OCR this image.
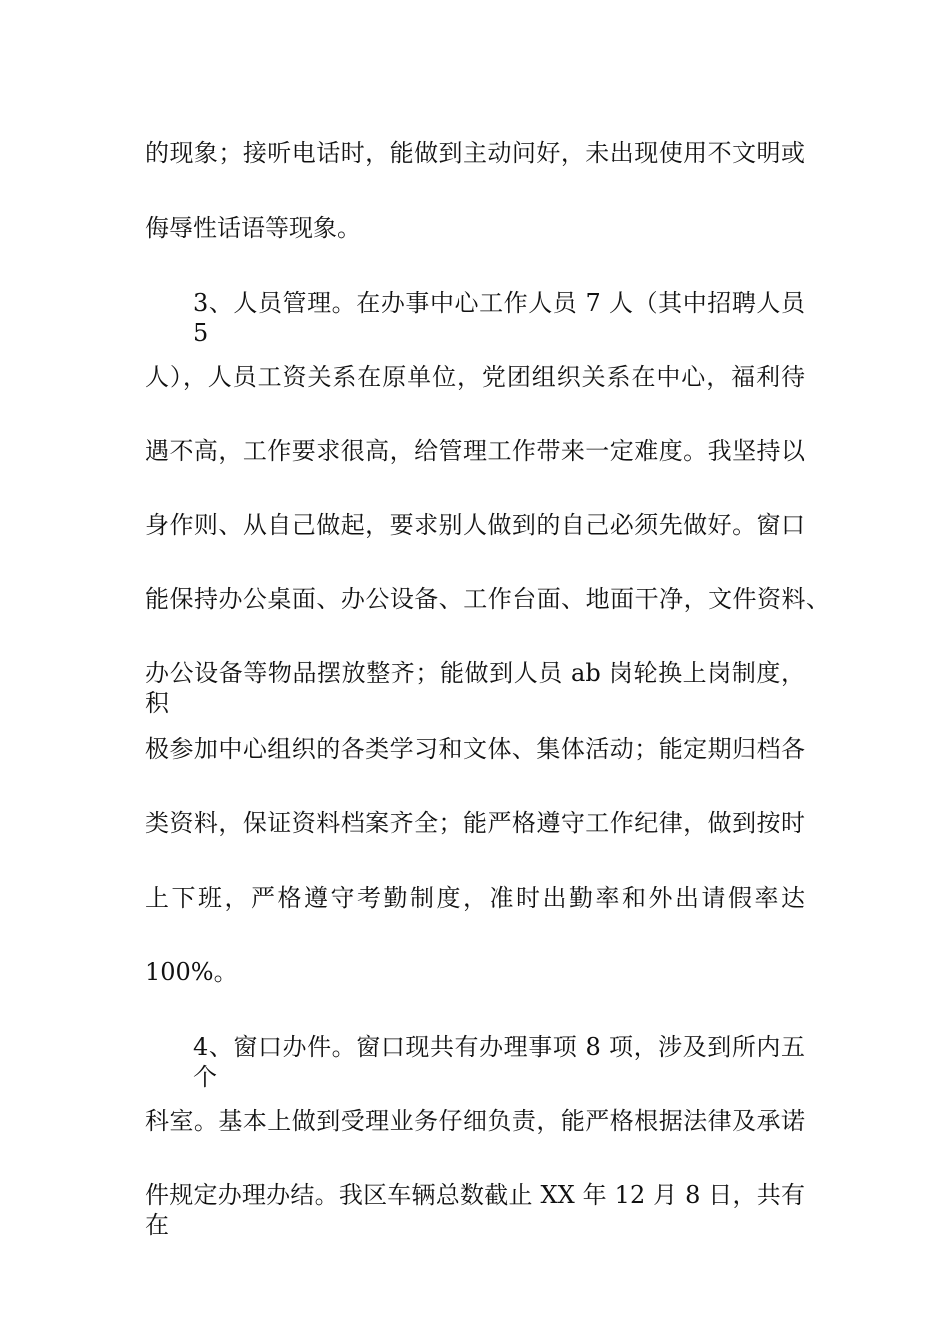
的现象；接听电话时，能做到主动问好，未出现使用不文明或
侮辱性话语等现象。
3、人员管理。在办事中心工作人员 7 人（其中招聘人员 5
人），人员工资关系在原单位，党团组织关系在中心，福利待
遇不高，工作要求很高，给管理工作带来一定难度。我坚持以
身作则、从自己做起，要求别人做到的自己必须先做好。窗口
能保持办公桌面、办公设备、工作台面、地面干净，文件资料、
办公设备等物品摆放整齐；能做到人员 ab 岗轮换上岗制度，积
极参加中心组织的各类学习和文体、集体活动；能定期归档各
类资料，保证资料档案齐全；能严格遵守工作纪律，做到按时
上下班，严格遵守考勤制度，准时出勤率和外出请假率达
100%。
4、窗口办件。窗口现共有办理事项 8 项，涉及到所内五个
科室。基本上做到受理业务仔细负责，能严格根据法律及承诺
件规定办理办结。我区车辆总数截止 XX 年 12 月 8 日，共有在
